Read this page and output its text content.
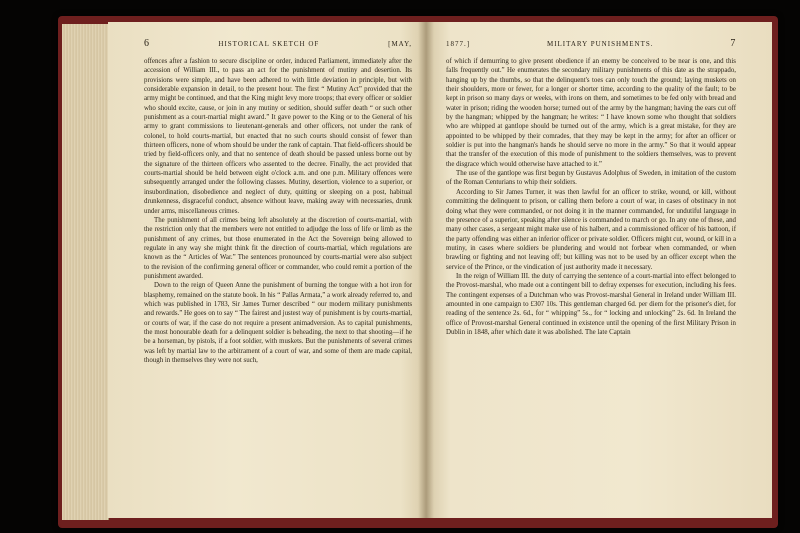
6	HISTORICAL SKETCH OF	[MAY,

offences after a fashion to secure discipline or order, induced Parliament, immediately after the accession of William III., to pass an act for the punishment of mutiny and desertion. Its provisions were simple, and have been adhered to with little deviation in principle, but with considerable expansion in detail, to the present hour. The first “ Mutiny Act” provided that the army might be continued, and that the King might levy more troops; that every officer or soldier who should excite, cause, or join in any mutiny or sedition, should suffer death “ or such other punishment as a court-martial might award.” It gave power to the King or to the General of his army to grant commissions to lieutenant-generals and other officers, not under the rank of colonel, to hold courts-martial, but enacted that no such courts should consist of fewer than thirteen officers, none of whom should be under the rank of captain. That field-officers should be tried by field-officers only, and that no sentence of death should be passed unless borne out by the signature of the thirteen officers who assented to the decree. Finally, the act provided that courts-martial should be held between eight o'clock a.m. and one p.m. Military offences were subsequently arranged under the following classes. Mutiny, desertion, violence to a superior, or insubordination, disobedience and neglect of duty, quitting or sleeping on a post, habitual drunkenness, disgraceful conduct, absence without leave, making away with necessaries, drunk under arms, miscellaneous crimes.

The punishment of all crimes being left absolutely at the discretion of courts-martial, with the restriction only that the members were not entitled to adjudge the loss of life or limb as the punishment of any crimes, but those enumerated in the Act the Sovereign being allowed to regulate in any way she might think fit the direction of courts-martial, which regulations are known as the “ Articles of War.” The sentences pronounced by courts-martial were also subject to the revision of the confirming general officer or commander, who could remit a portion of the punishment awarded.

Down to the reign of Queen Anne the punishment of burning the tongue with a hot iron for blasphemy, remained on the statute book. In his “ Pallas Armata,” a work already referred to, and which was published in 1783, Sir James Turner described “ our modern military punishments and rewards.” He goes on to say “ The fairest and justest way of punishment is by courts-martial, or courts of war, if the case do not require a present animadversion. As to capital punishments, the most honourable death for a delinquent soldier is beheading, the next to that shooting—if he be a horseman, by pistols, if a foot soldier, with muskets. But the punishments of several crimes was left by martial law to the arbitrament of a court of war, and some of them are made capital, though in themselves they were not such,

1877.]	MILITARY PUNISHMENTS.	7

of which if demurring to give present obedience if an enemy be conceived to be near is one, and this falls frequently out.” He enumerates the secondary military punishments of this date as the strappado, hanging up by the thumbs, so that the delinquent's toes can only touch the ground; laying muskets on their shoulders, more or fewer, for a longer or shorter time, according to the quality of the fault; to be kept in prison so many days or weeks, with irons on them, and sometimes to be fed only with bread and water in prison; riding the wooden horse; turned out of the army by the hangman; having the ears cut off by the hangman; whipped by the hangman; he writes: “ I have known some who thought that soldiers who are whipped at gantlope should be turned out of the army, which is a great mistake, for they are appointed to be whipped by their comrades, that they may be kept in the army; for after an officer or soldier is put into the hangman's hands he should serve no more in the army.” So that it would appear that the transfer of the execution of this mode of punishment to the soldiers themselves, was to prevent the disgrace which would otherwise have attached to it.”

The use of the gantlope was first begun by Gustavus Adolphus of Sweden, in imitation of the custom of the Roman Centurians to whip their soldiers.

According to Sir James Turner, it was then lawful for an officer to strike, wound, or kill, without committing the delinquent to prison, or calling them before a court of war, in cases of obstinacy in not doing what they were commanded, or not doing it in the manner commanded, for undutiful language in the presence of a superior, speaking after silence is commanded to march or go. In any one of these, and many other cases, a sergeant might make use of his halbert, and a commissioned officer of his battoon, if the party offending was either an inferior officer or private soldier. Officers might cut, wound, or kill in a mutiny, in cases where soldiers be plundering and would not forbear when commanded, or when brawling or fighting and not leaving off; but killing was not to be used by an officer except when the service of the Prince, or the vindication of just authority made it necessary.

In the reign of William III. the duty of carrying the sentence of a court-martial into effect belonged to the Provost-marshal, who made out a contingent bill to defray expenses for execution, including his fees. The contingent expenses of a Dutchman who was Provost-marshal General in Ireland under William III. amounted in one campaign to £307 10s. This gentleman charged 6d. per diem for the prisoner's diet, for reading of the sentence 2s. 6d., for “ whipping” 5s., for “ locking and unlocking” 2s. 6d. In Ireland the office of Provost-marshal General continued in existence until the opening of the first Military Prison in Dublin in 1848, after which date it was abolished. The late Captain
